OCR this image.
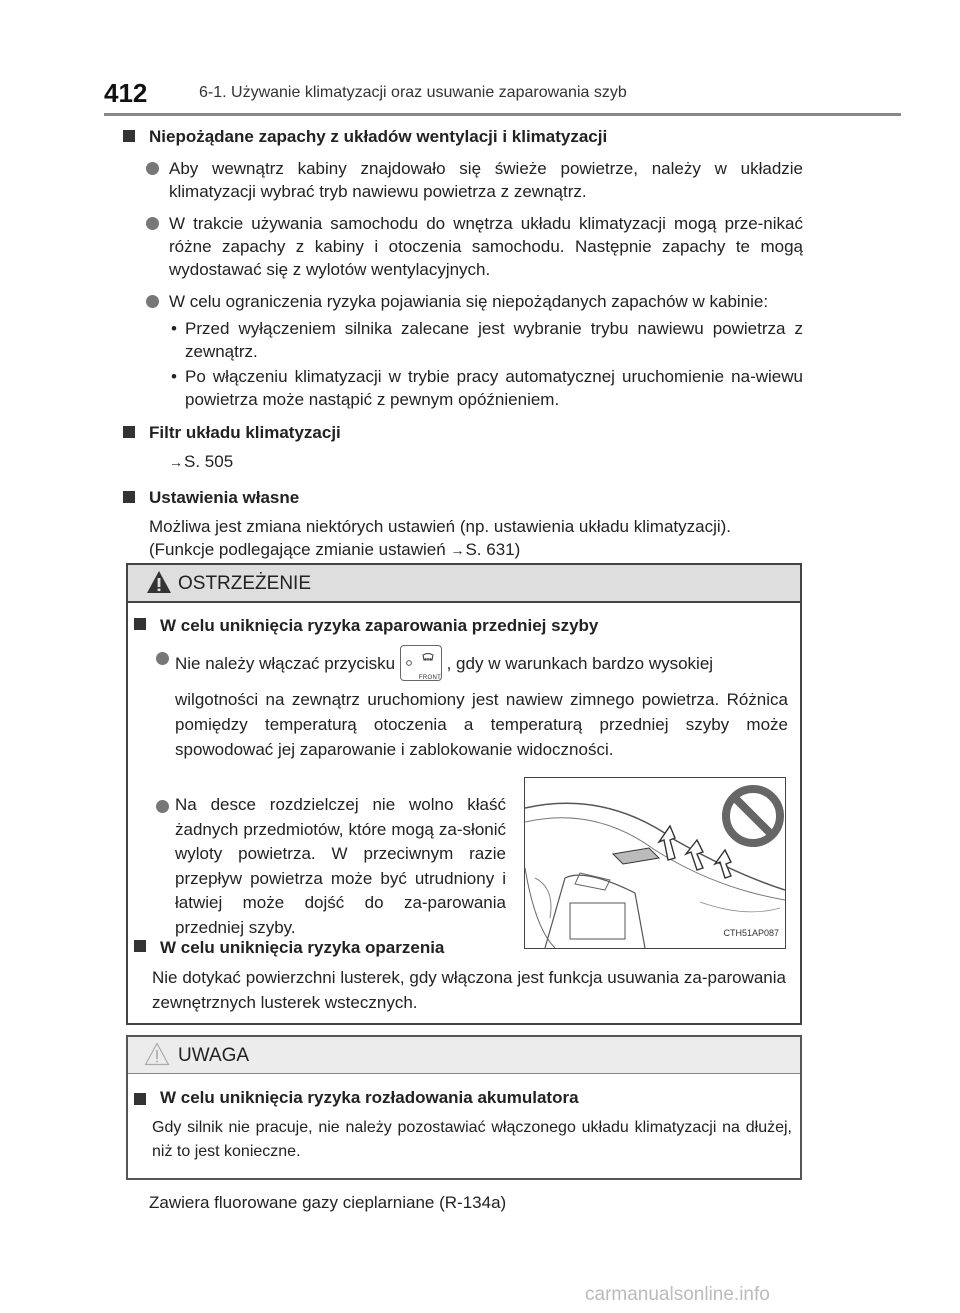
412	6-1. Używanie klimatyzacji oraz usuwanie zaparowania szyb

Niepożądane zapachy z układów wentylacji i klimatyzacji

Aby wewnątrz kabiny znajdowało się świeże powietrze, należy w układzie klimatyzacji wybrać tryb nawiewu powietrza z zewnątrz.

W trakcie używania samochodu do wnętrza układu klimatyzacji mogą prze-nikać różne zapachy z kabiny i otoczenia samochodu. Następnie zapachy te mogą wydostawać się z wylotów wentylacyjnych.

W celu ograniczenia ryzyka pojawiania się niepożądanych zapachów w kabinie:

• Przed wyłączeniem silnika zalecane jest wybranie trybu nawiewu powietrza z zewnątrz.

• Po włączeniu klimatyzacji w trybie pracy automatycznej uruchomienie na-wiewu powietrza może nastąpić z pewnym opóźnieniem.

Filtr układu klimatyzacji

→S. 505

Ustawienia własne

Możliwa jest zmiana niektórych ustawień (np. ustawienia układu klimatyzacji).
(Funkcje podlegające zmianie ustawień →S. 631)

OSTRZEŻENIE

W celu uniknięcia ryzyka zaparowania przedniej szyby

Nie należy włączać przycisku
FRONT
, gdy w warunkach bardzo wysokiej
wilgotności na zewnątrz uruchomiony jest nawiew zimnego powietrza. Różnica pomiędzy temperaturą otoczenia a temperaturą przedniej szyby może spowodować jej zaparowanie i zablokowanie widoczności.
Na desce rozdzielczej nie wolno kłaść żadnych przedmiotów, które mogą za-słonić wyloty powietrza. W przeciwnym razie przepływ powietrza może być utrudniony i łatwiej może dojść do za-parowania przedniej szyby.	CTH51AP087

W celu uniknięcia ryzyka oparzenia

Nie dotykać powierzchni lusterek, gdy włączona jest funkcja usuwania za-parowania zewnętrznych lusterek wstecznych.
UWAGA

W celu uniknięcia ryzyka rozładowania akumulatora

Gdy silnik nie pracuje, nie należy pozostawiać włączonego układu klimatyzacji na dłużej, niż to jest konieczne.
Zawiera fluorowane gazy cieplarniane (R-134a)
carmanualsonline.info
